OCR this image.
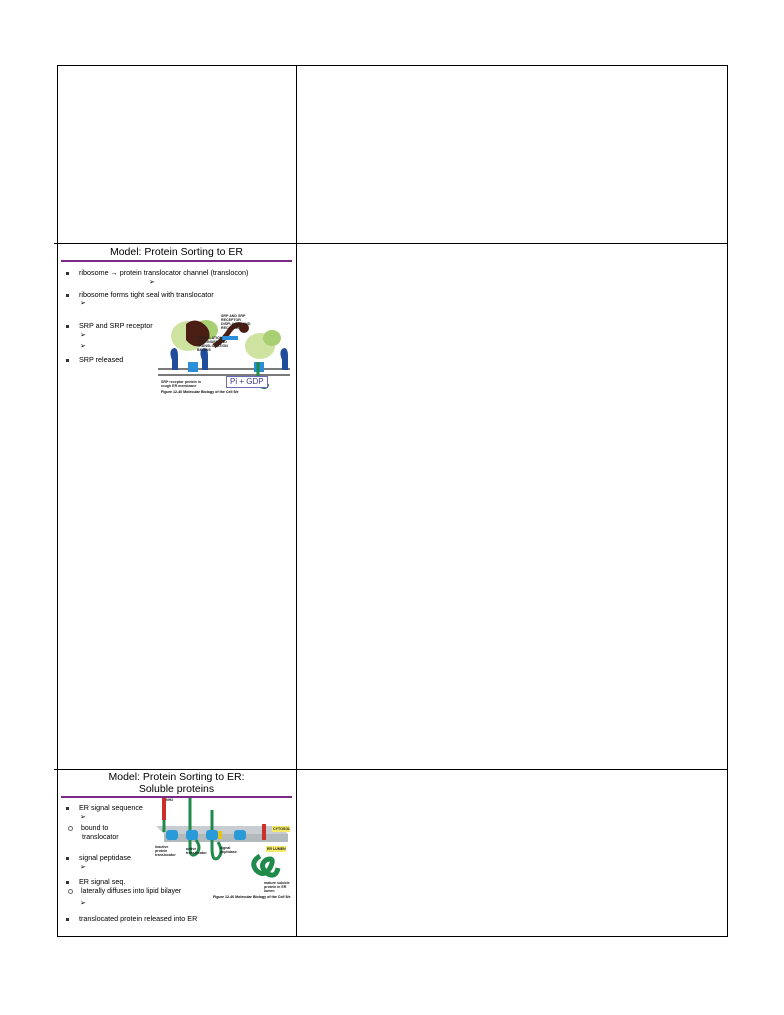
Model: Protein Sorting to ER
ribosome → protein translocator channel (translocon)
➢
ribosome forms tight seal with translocator
➢
SRP and SRP receptor
➢
➢
SRP released
SRP AND SRP RECEPTOR DISPLACED AND RECYCLED
TRANSLATION CONTINUES AND TRANSLOCATION BEGINS
SRP receptor protein in rough ER membrane	Pi + GDP
Figure 12-40 Molecular Biology of the Cell 5/e
Model: Protein Sorting to ER:
Soluble proteins
ER signal sequence
➢
bound to
translocator
signal peptidase
➢
ER signal seq.
laterally diffuses into lipid bilayer
➢
translocated protein released into ER
CYTOSOL
ER LUMEN
inactive protein translocator
active translocator
signal peptidase
mature soluble protein in ER lumen
NH2
Figure 12-46 Molecular Biology of the Cell 5/e
